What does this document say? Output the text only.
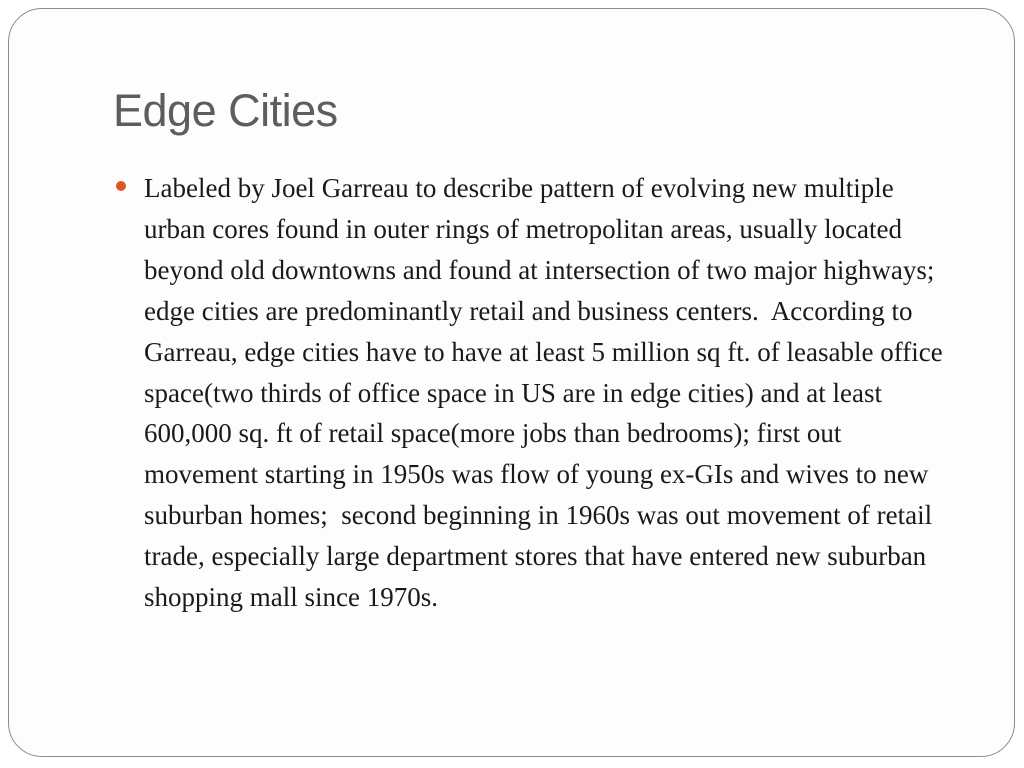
Edge Cities
Labeled by Joel Garreau to describe pattern of evolving new multiple urban cores found in outer rings of metropolitan areas, usually located beyond old downtowns and found at intersection of two major highways; edge cities are predominantly retail and business centers.  According to Garreau, edge cities have to have at least 5 million sq ft. of leasable office space(two thirds of office space in US are in edge cities) and at least 600,000 sq. ft of retail space(more jobs than bedrooms); first out movement starting in 1950s was flow of young ex-GIs and wives to new suburban homes;  second beginning in 1960s was out movement of retail trade, especially large department stores that have entered new suburban shopping mall since 1970s.
